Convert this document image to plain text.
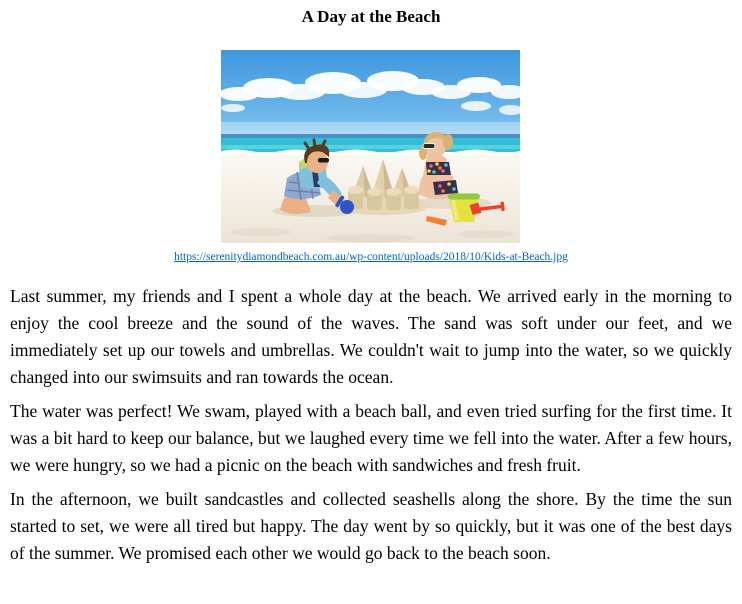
A Day at the Beach
https://serenitydiamondbeach.com.au/wp-content/uploads/2018/10/Kids-at-Beach.jpg

Last summer, my friends and I spent a whole day at the beach. We arrived early in the morning to enjoy the cool breeze and the sound of the waves. The sand was soft under our feet, and we immediately set up our towels and umbrellas. We couldn't wait to jump into the water, so we quickly changed into our swimsuits and ran towards the ocean.

The water was perfect! We swam, played with a beach ball, and even tried surfing for the first time. It was a bit hard to keep our balance, but we laughed every time we fell into the water. After a few hours, we were hungry, so we had a picnic on the beach with sandwiches and fresh fruit.

In the afternoon, we built sandcastles and collected seashells along the shore. By the time the sun started to set, we were all tired but happy. The day went by so quickly, but it was one of the best days of the summer. We promised each other we would go back to the beach soon.
